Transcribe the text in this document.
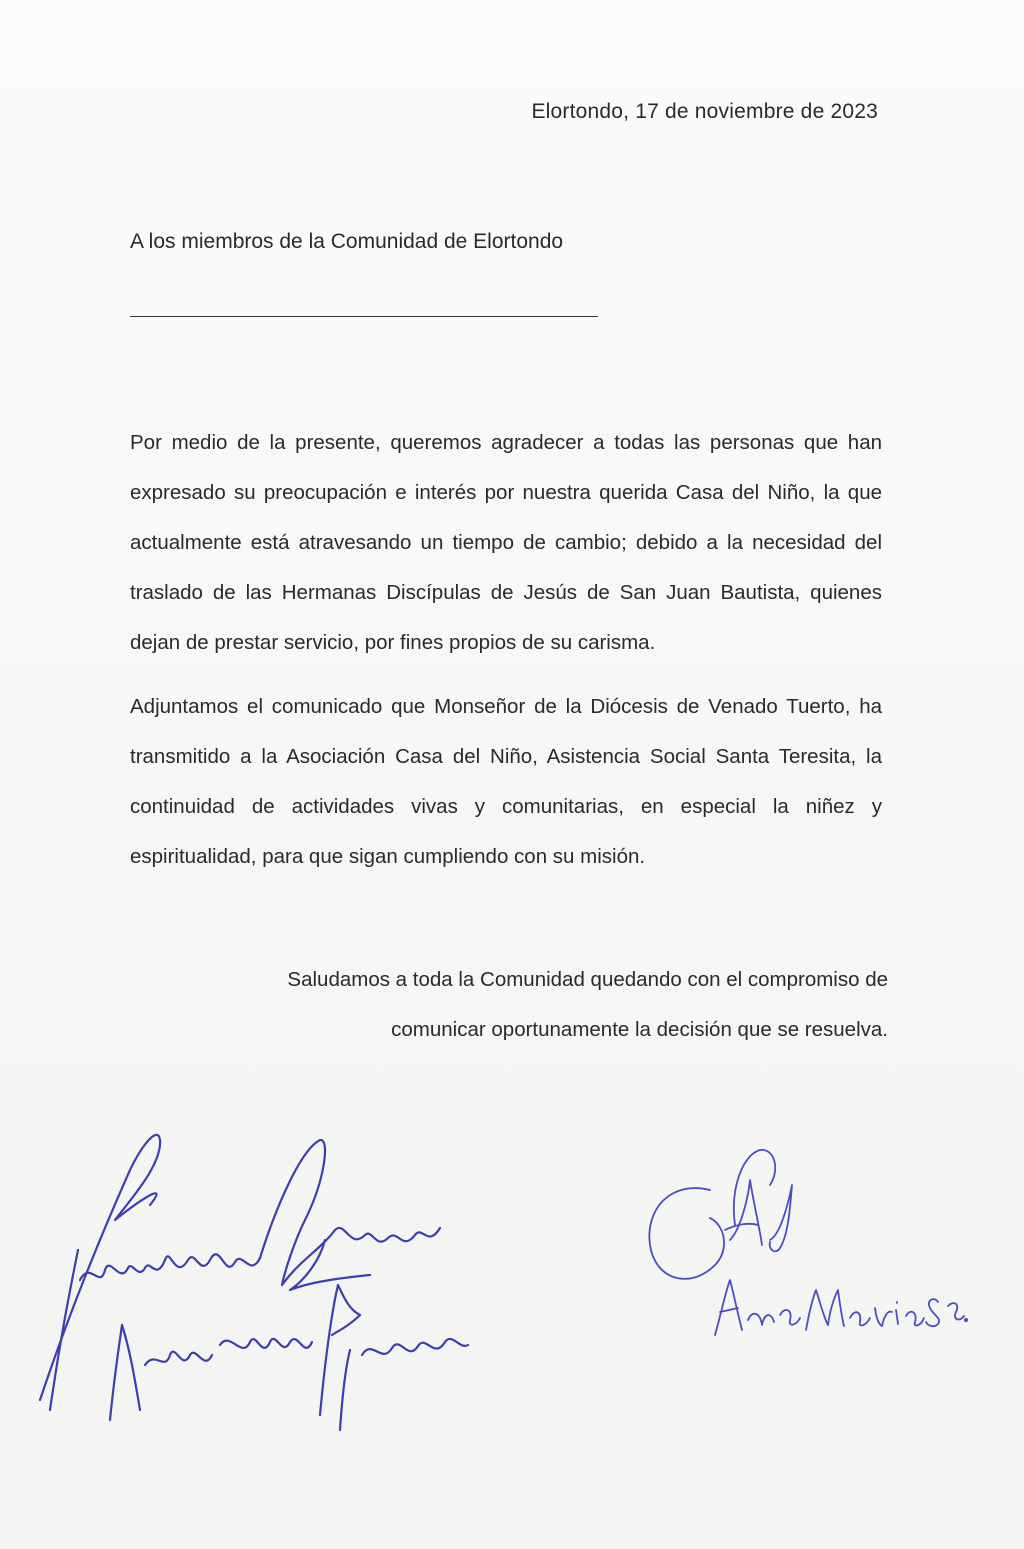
Elortondo, 17 de noviembre de 2023
A los miembros de la Comunidad de Elortondo

Por medio de la presente, queremos agradecer a todas las personas que han expresado su preocupación e interés por nuestra querida Casa del Niño, la que actualmente está atravesando un tiempo de cambio; debido a la necesidad del traslado de las Hermanas Discípulas de Jesús de San Juan Bautista, quienes dejan de prestar servicio, por fines propios de su carisma.

Adjuntamos el comunicado que Monseñor de la Diócesis de Venado Tuerto, ha transmitido a la Asociación Casa del Niño, Asistencia Social Santa Teresita, la continuidad de actividades vivas y comunitarias, en especial la niñez y espiritualidad, para que sigan cumpliendo con su misión.

Saludamos a toda la Comunidad quedando con el compromiso de comunicar oportunamente la decisión que se resuelva.
